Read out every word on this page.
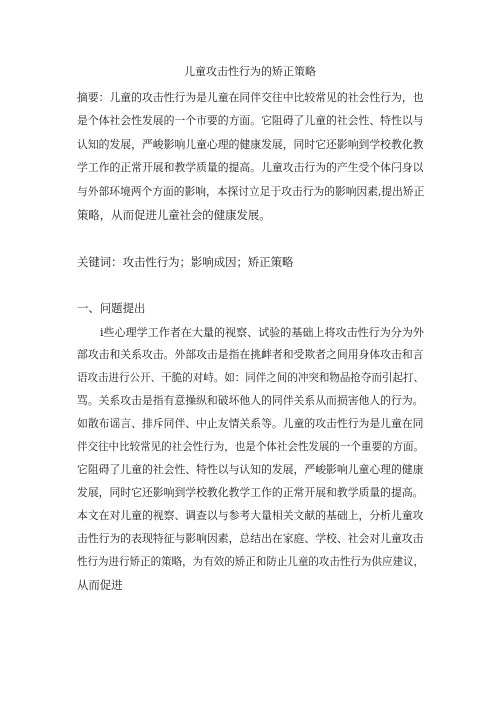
儿童攻击性行为的矫正策略
摘要：儿童的攻击性行为是儿童在同伴交往中比较常见的社会性行为，也
是个体社会性发展的一个市要的方面。它阻碍了儿童的社会性、特性以与
认知的发展，严峻影响儿童心理的健康发展，同时它还影响到学校教化教
学工作的正常开展和教学质量的提高。儿童攻击行为的产生受个体闩身以
与外部环境两个方面的影响，本探讨立足于攻击行为的影响因素,提出矫正
策略，从而促进儿童社会的健康发展。
关键词：攻击性行为；影响成因；矫正策略
一、问题提出
i些心理学工作者在大量的视察、试验的基础上将攻击性行为分为外
部攻击和关系攻击。外部攻击是指在挑衅者和受欺者之间用身体攻击和言
语攻击进行公开、干脆的对峙。如：同伴之间的冲突和物品抢夺而引起打、
骂。关系攻击是指有意操纵和破坏他人的同伴关系从而损害他人的行为。
如散布谣言、排斥同伴、中止友情关系等。儿童的攻击性行为是儿童在同
伴交往中比较常见的社会性行为，也是个体社会性发展的一个重要的方面。
它阻碍了儿童的社会性、特性以与认知的发展，严峻影响儿童心理的健康
发展，同时它还影响到学校教化教学工作的正常开展和教学质量的提高。
本文在对儿童的视察、调查以与参考大量相关文献的基础上，分析儿童攻
击性行为的表现特征与影响因素，总结出在家庭、学校、社会对儿童攻击
性行为进行矫正的策略，为有效的矫正和防止儿童的攻击性行为供应建议，
从而促进
